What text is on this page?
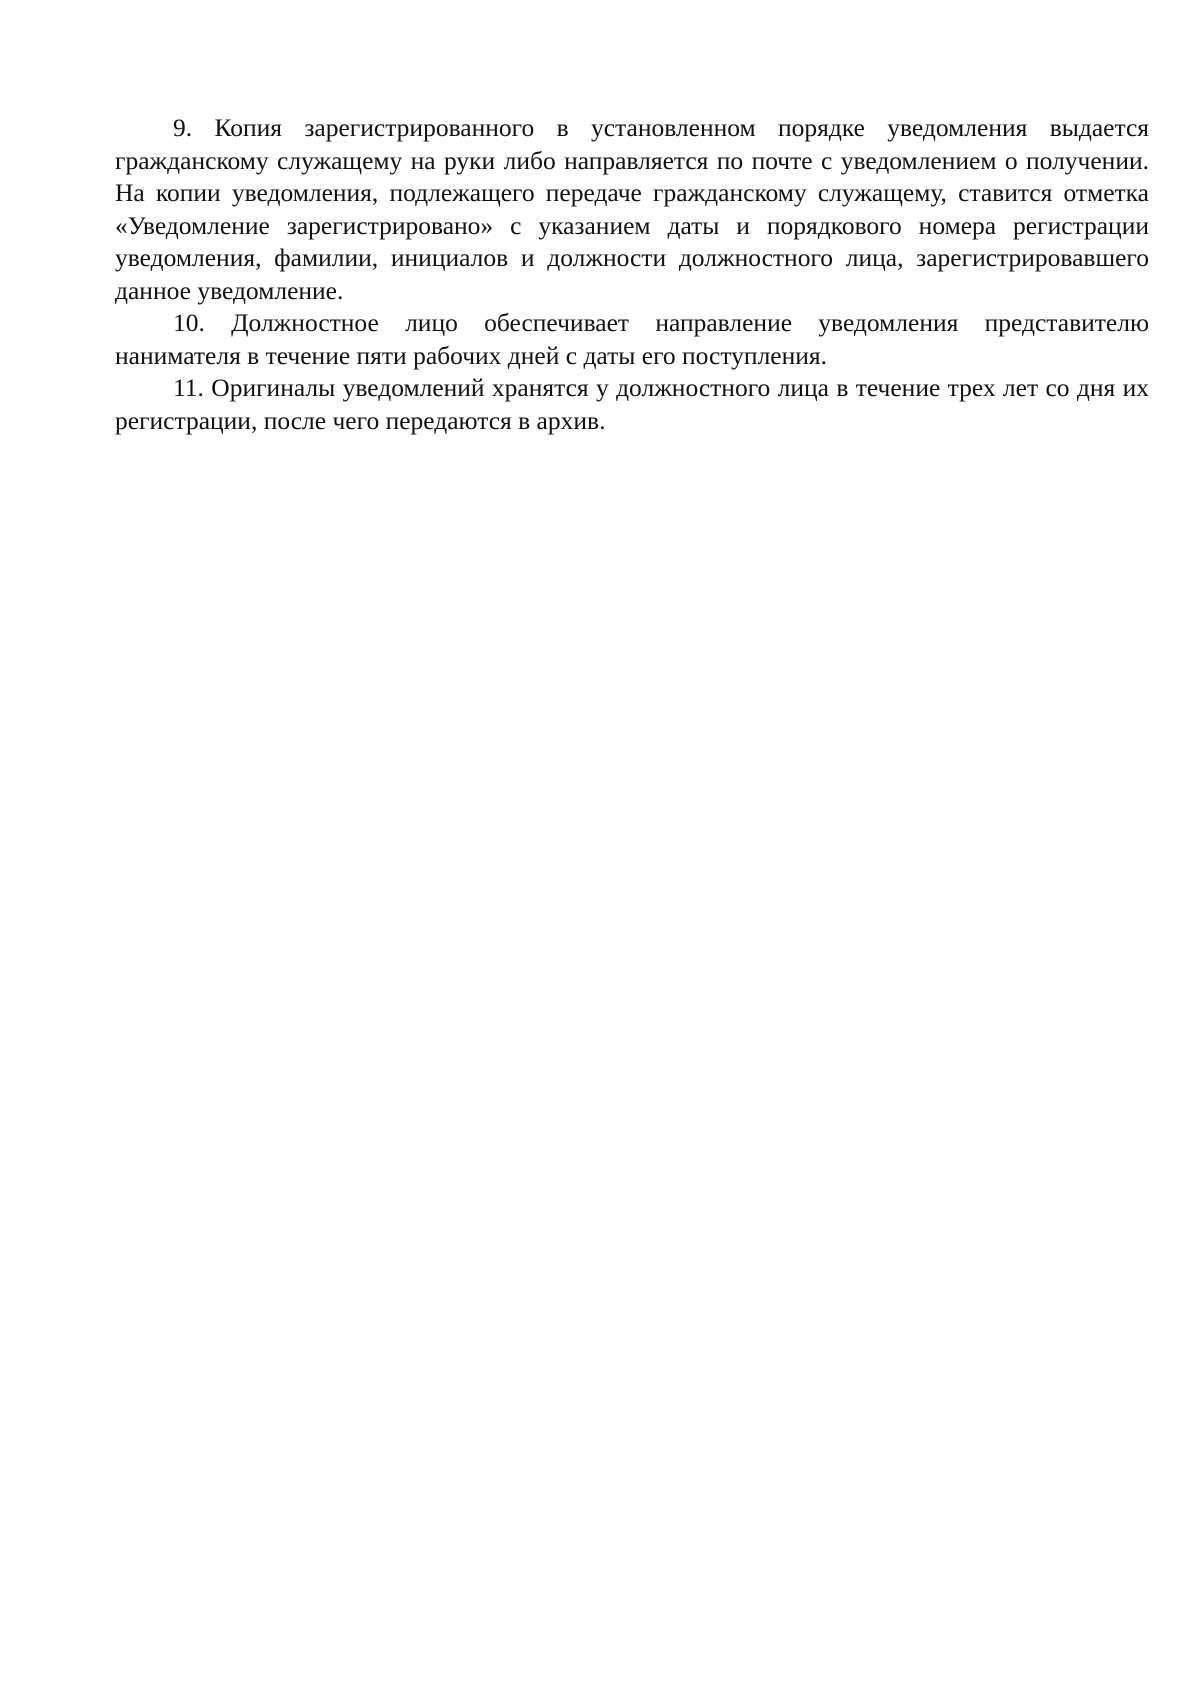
9. Копия зарегистрированного в установленном порядке уведомления выдается гражданскому служащему на руки либо направляется по почте с уведомлением о получении. На копии уведомления, подлежащего передаче гражданскому служащему, ставится отметка «Уведомление зарегистрировано» с указанием даты и порядкового номера регистрации уведомления, фамилии, инициалов и должности должностного лица, зарегистрировавшего данное уведомление.

10. Должностное лицо обеспечивает направление уведомления представителю нанимателя в течение пяти рабочих дней с даты его поступления.

11. Оригиналы уведомлений хранятся у должностного лица в течение трех лет со дня их регистрации, после чего передаются в архив.
